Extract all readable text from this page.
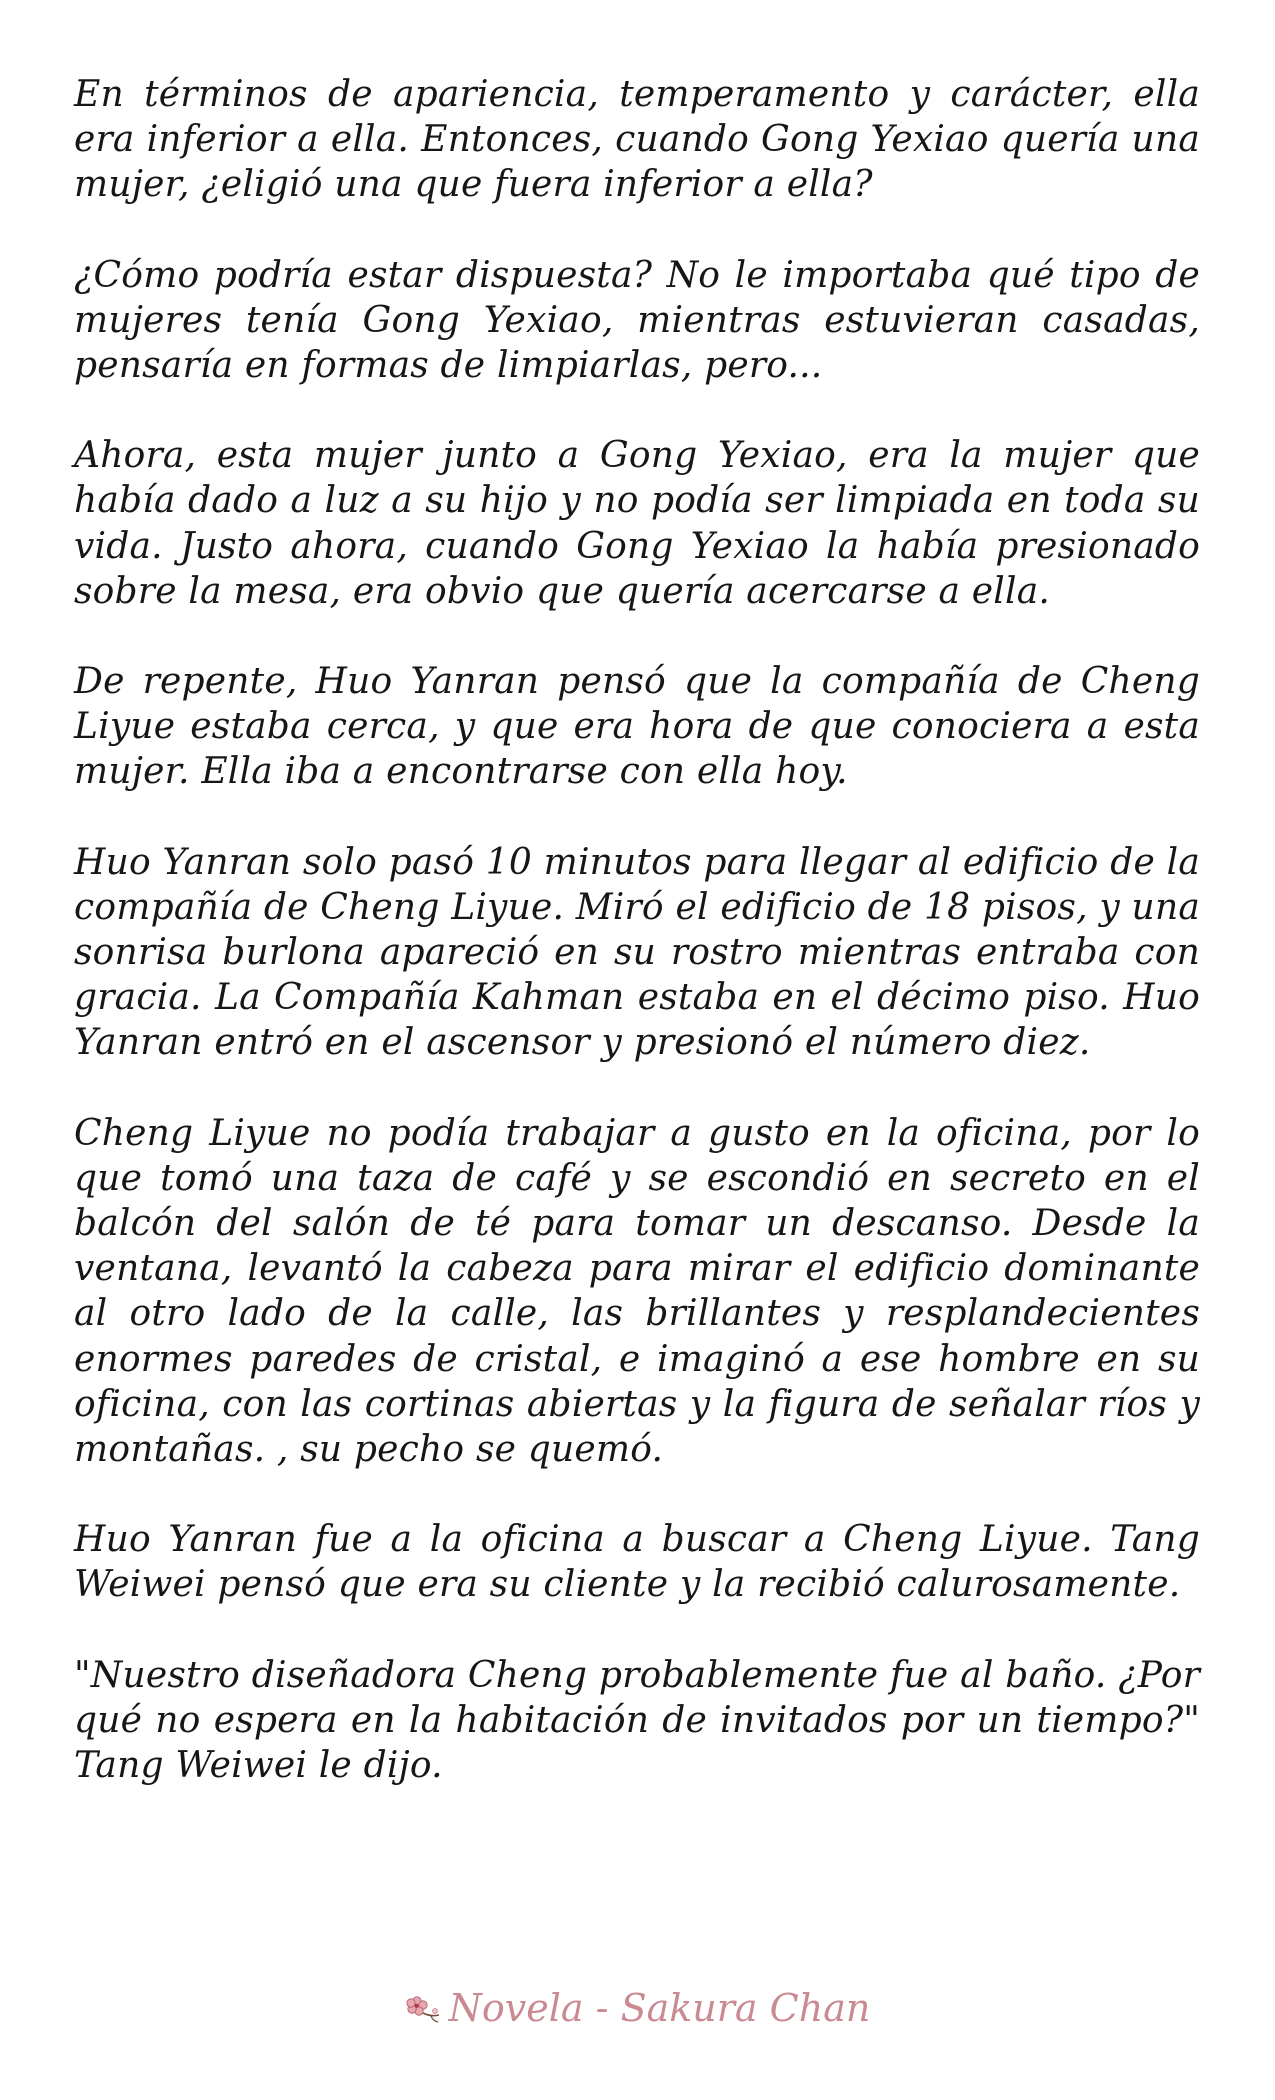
En términos de apariencia, temperamento y carácter, ella era inferior a ella. Entonces, cuando Gong Yexiao quería una mujer, ¿eligió una que fuera inferior a ella?

¿Cómo podría estar dispuesta? No le importaba qué tipo de mujeres tenía Gong Yexiao, mientras estuvieran casadas, pensaría en formas de limpiarlas, pero...

Ahora, esta mujer junto a Gong Yexiao, era la mujer que había dado a luz a su hijo y no podía ser limpiada en toda su vida. Justo ahora, cuando Gong Yexiao la había presionado sobre la mesa, era obvio que quería acercarse a ella.

De repente, Huo Yanran pensó que la compañía de Cheng Liyue estaba cerca, y que era hora de que conociera a esta mujer. Ella iba a encontrarse con ella hoy.

Huo Yanran solo pasó 10 minutos para llegar al edificio de la compañía de Cheng Liyue. Miró el edificio de 18 pisos, y una sonrisa burlona apareció en su rostro mientras entraba con gracia. La Compañía Kahman estaba en el décimo piso. Huo Yanran entró en el ascensor y presionó el número diez.

Cheng Liyue no podía trabajar a gusto en la oficina, por lo que tomó una taza de café y se escondió en secreto en el balcón del salón de té para tomar un descanso. Desde la ventana, levantó la cabeza para mirar el edificio dominante al otro lado de la calle, las brillantes y resplandecientes enormes paredes de cristal, e imaginó a ese hombre en su oficina, con las cortinas abiertas y la figura de señalar ríos y montañas. , su pecho se quemó.

Huo Yanran fue a la oficina a buscar a Cheng Liyue. Tang Weiwei pensó que era su cliente y la recibió calurosamente.

"Nuestro diseñadora Cheng probablemente fue al baño. ¿Por qué no espera en la habitación de invitados por un tiempo?" Tang Weiwei le dijo.

Novela - Sakura Chan
